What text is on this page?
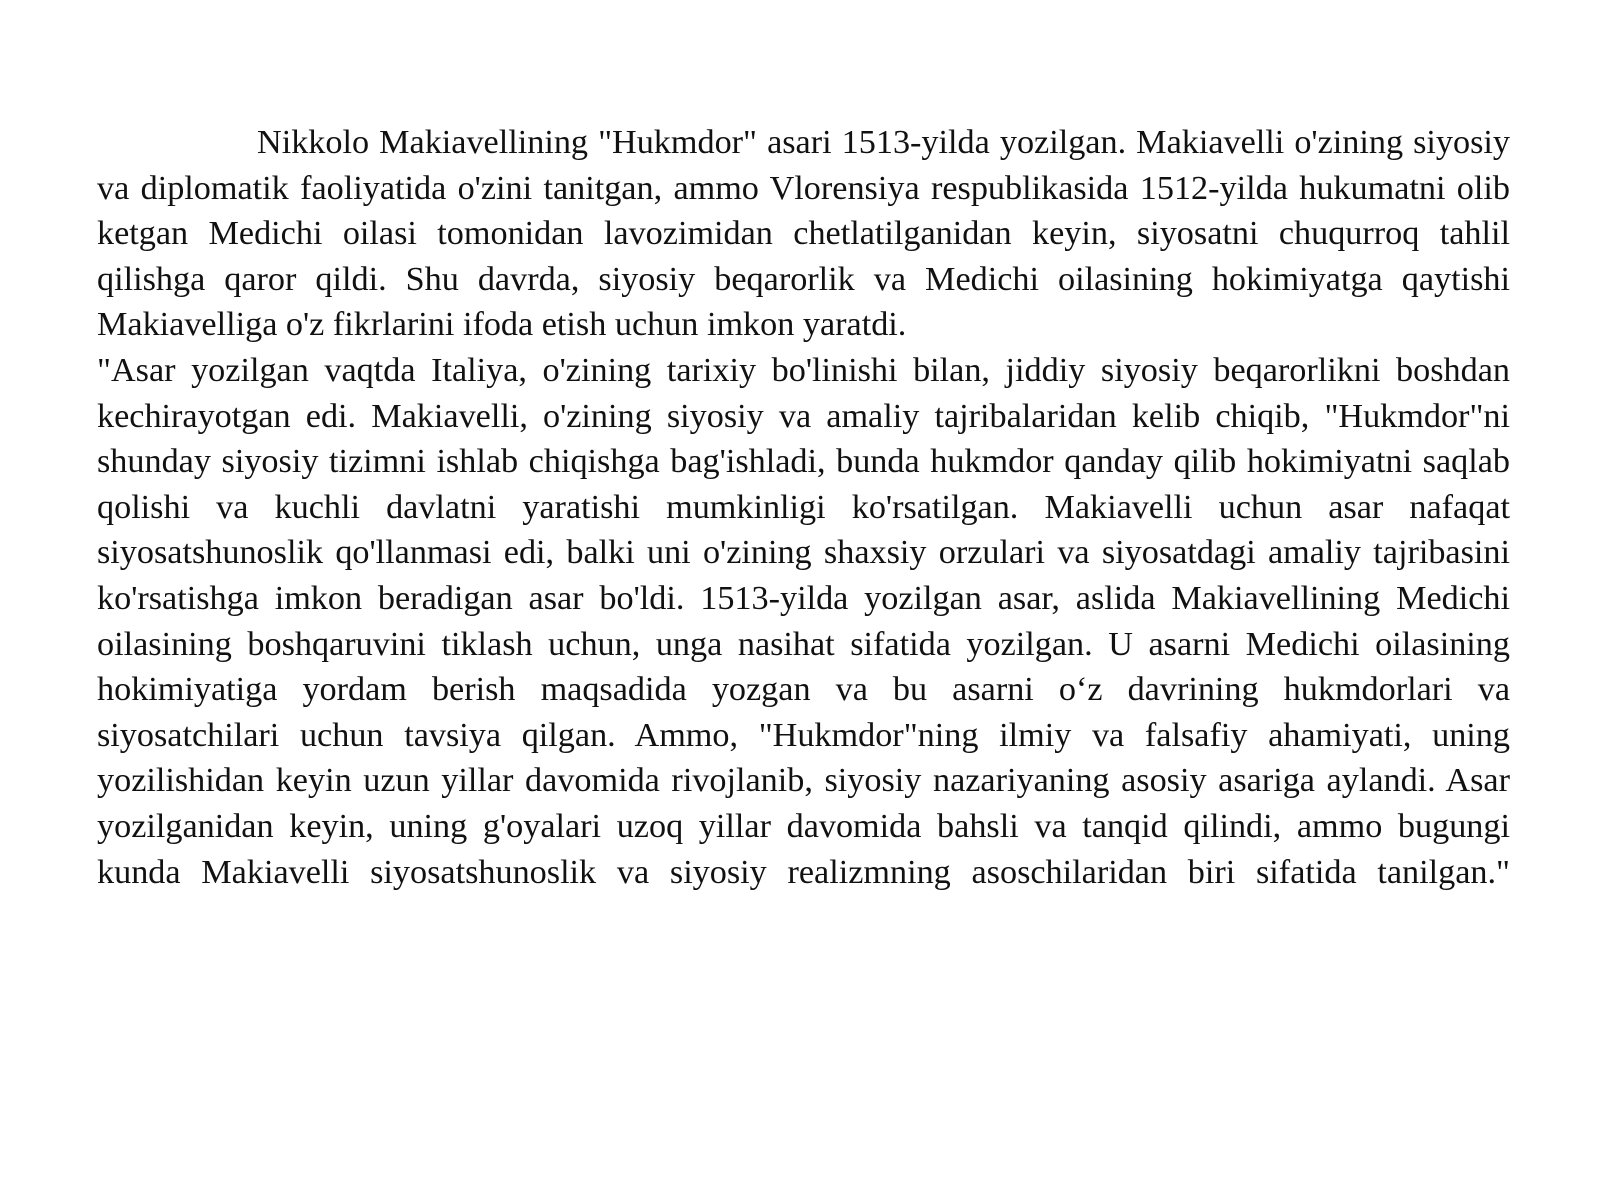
Nikkolo Makiavellining "Hukmdor" asari 1513-yilda yozilgan. Makiavelli o'zining siyosiy va diplomatik faoliyatida o'zini tanitgan, ammo Vlorensiya respublikasida 1512-yilda hukumatni olib ketgan Medichi oilasi tomonidan lavozimidan chetlatilganidan keyin, siyosatni chuqurroq tahlil qilishga qaror qildi. Shu davrda, siyosiy beqarorlik va Medichi oilasining hokimiyatga qaytishi Makiavelliga o'z fikrlarini ifoda etish uchun imkon yaratdi.

"Asar yozilgan vaqtda Italiya, o'zining tarixiy bo'linishi bilan, jiddiy siyosiy beqarorlikni boshdan kechirayotgan edi. Makiavelli, o'zining siyosiy va amaliy tajribalaridan kelib chiqib, "Hukmdor"ni shunday siyosiy tizimni ishlab chiqishga bag'ishladi, bunda hukmdor qanday qilib hokimiyatni saqlab qolishi va kuchli davlatni yaratishi mumkinligi ko'rsatilgan. Makiavelli uchun asar nafaqat siyosatshunoslik qo'llanmasi edi, balki uni o'zining shaxsiy orzulari va siyosatdagi amaliy tajribasini ko'rsatishga imkon beradigan asar bo'ldi. 1513-yilda yozilgan asar, aslida Makiavellining Medichi oilasining boshqaruvini tiklash uchun, unga nasihat sifatida yozilgan. U asarni Medichi oilasining hokimiyatiga yordam berish maqsadida yozgan va bu asarni o‘z davrining hukmdorlari va siyosatchilari uchun tavsiya qilgan. Ammo, "Hukmdor"ning ilmiy va falsafiy ahamiyati, uning yozilishidan keyin uzun yillar davomida rivojlanib, siyosiy nazariyaning asosiy asariga aylandi. Asar yozilganidan keyin, uning g'oyalari uzoq yillar davomida bahsli va tanqid qilindi, ammo bugungi kunda Makiavelli siyosatshunoslik va siyosiy realizmning asoschilaridan biri sifatida tanilgan."
